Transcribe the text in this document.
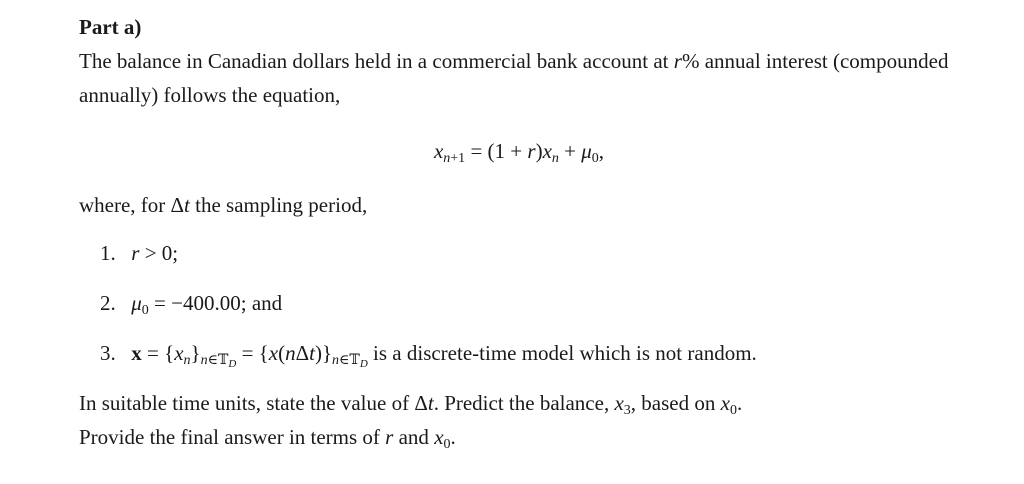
Part a)

The balance in Canadian dollars held in a commercial bank account at r% annual interest (compounded annually) follows the equation,

$x_{n+1} = (1 + r)x_n + \mu_0$,

where, for Δt the sampling period,

1. r > 0;
2. $\mu_0 = -400.00$; and
3. $x = \{x_n\}_{n\in 𝕋_D} = \{x(n\Delta t)\}_{n\in 𝕋_D}$ is a discrete-time model which is not random.

In suitable time units, state the value of Δt. Predict the balance, $x_3$, based on $x_0$.
Provide the final answer in terms of r and $x_0$.
